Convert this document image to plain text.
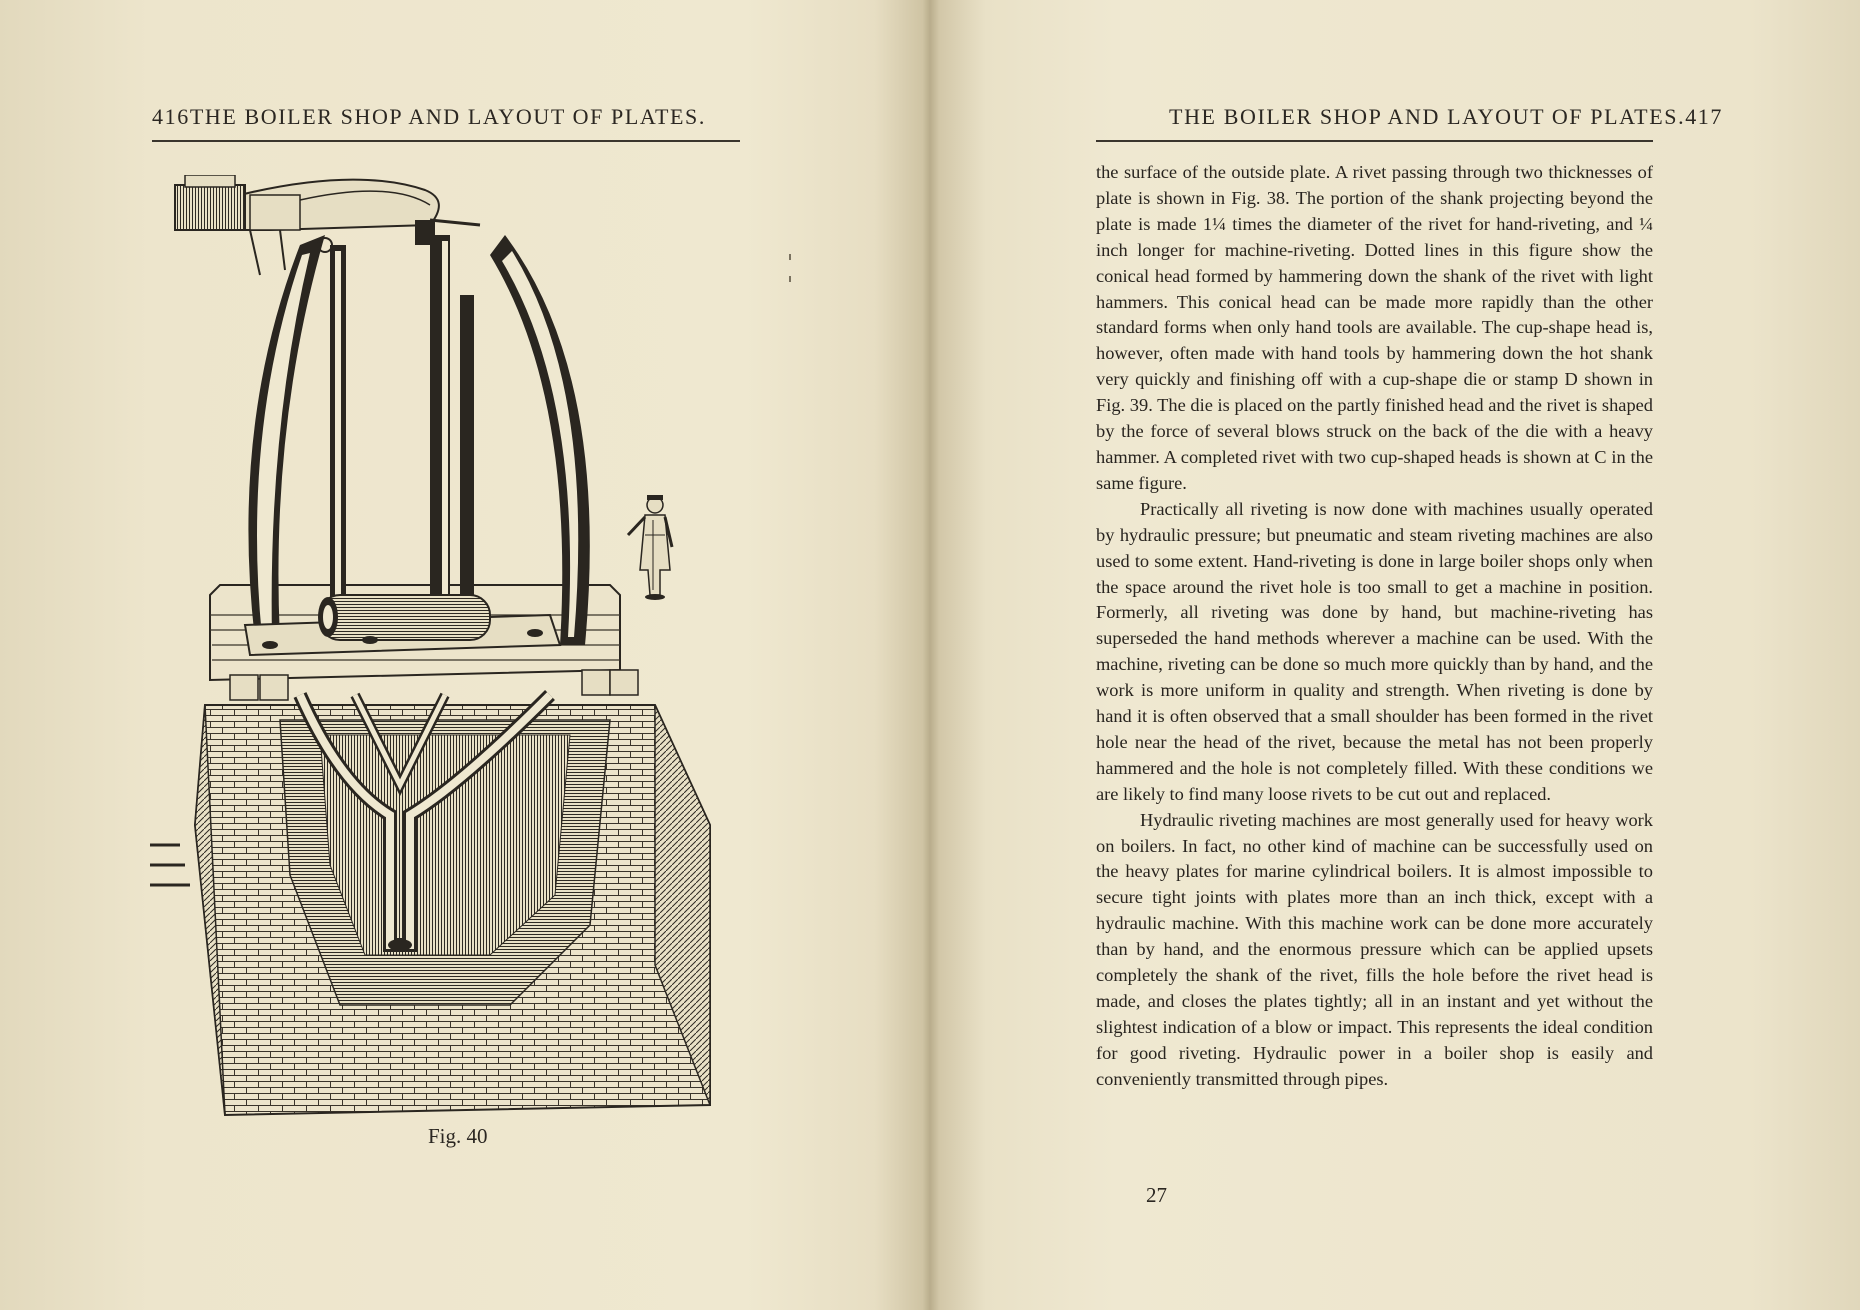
416THE BOILER SHOP AND LAYOUT OF PLATES.
Fig. 40
THE BOILER SHOP AND LAYOUT OF PLATES.417

the surface of the outside plate. A rivet passing through two thicknesses of plate is shown in Fig. 38. The portion of the shank projecting beyond the plate is made 1¼ times the diameter of the rivet for hand-riveting, and ¼ inch longer for machine-riveting. Dotted lines in this figure show the conical head formed by hammering down the shank of the rivet with light hammers. This conical head can be made more rapidly than the other standard forms when only hand tools are available. The cup-shape head is, however, often made with hand tools by hammering down the hot shank very quickly and finishing off with a cup-shape die or stamp D shown in Fig. 39. The die is placed on the partly finished head and the rivet is shaped by the force of several blows struck on the back of the die with a heavy hammer. A completed rivet with two cup-shaped heads is shown at C in the same figure.

Practically all riveting is now done with machines usually operated by hydraulic pressure; but pneumatic and steam riveting machines are also used to some extent. Hand-riveting is done in large boiler shops only when the space around the rivet hole is too small to get a machine in position. Formerly, all riveting was done by hand, but machine-riveting has superseded the hand methods wherever a machine can be used. With the machine, riveting can be done so much more quickly than by hand, and the work is more uniform in quality and strength. When riveting is done by hand it is often observed that a small shoulder has been formed in the rivet hole near the head of the rivet, because the metal has not been properly hammered and the hole is not completely filled. With these conditions we are likely to find many loose rivets to be cut out and replaced.

Hydraulic riveting machines are most generally used for heavy work on boilers. In fact, no other kind of machine can be successfully used on the heavy plates for marine cylindrical boilers. It is almost impossible to secure tight joints with plates more than an inch thick, except with a hydraulic machine. With this machine work can be done more accurately than by hand, and the enormous pressure which can be applied upsets completely the shank of the rivet, fills the hole before the rivet head is made, and closes the plates tightly; all in an instant and yet without the slightest indication of a blow or impact. This represents the ideal condition for good riveting. Hydraulic power in a boiler shop is easily and conveniently transmitted through pipes.

27
